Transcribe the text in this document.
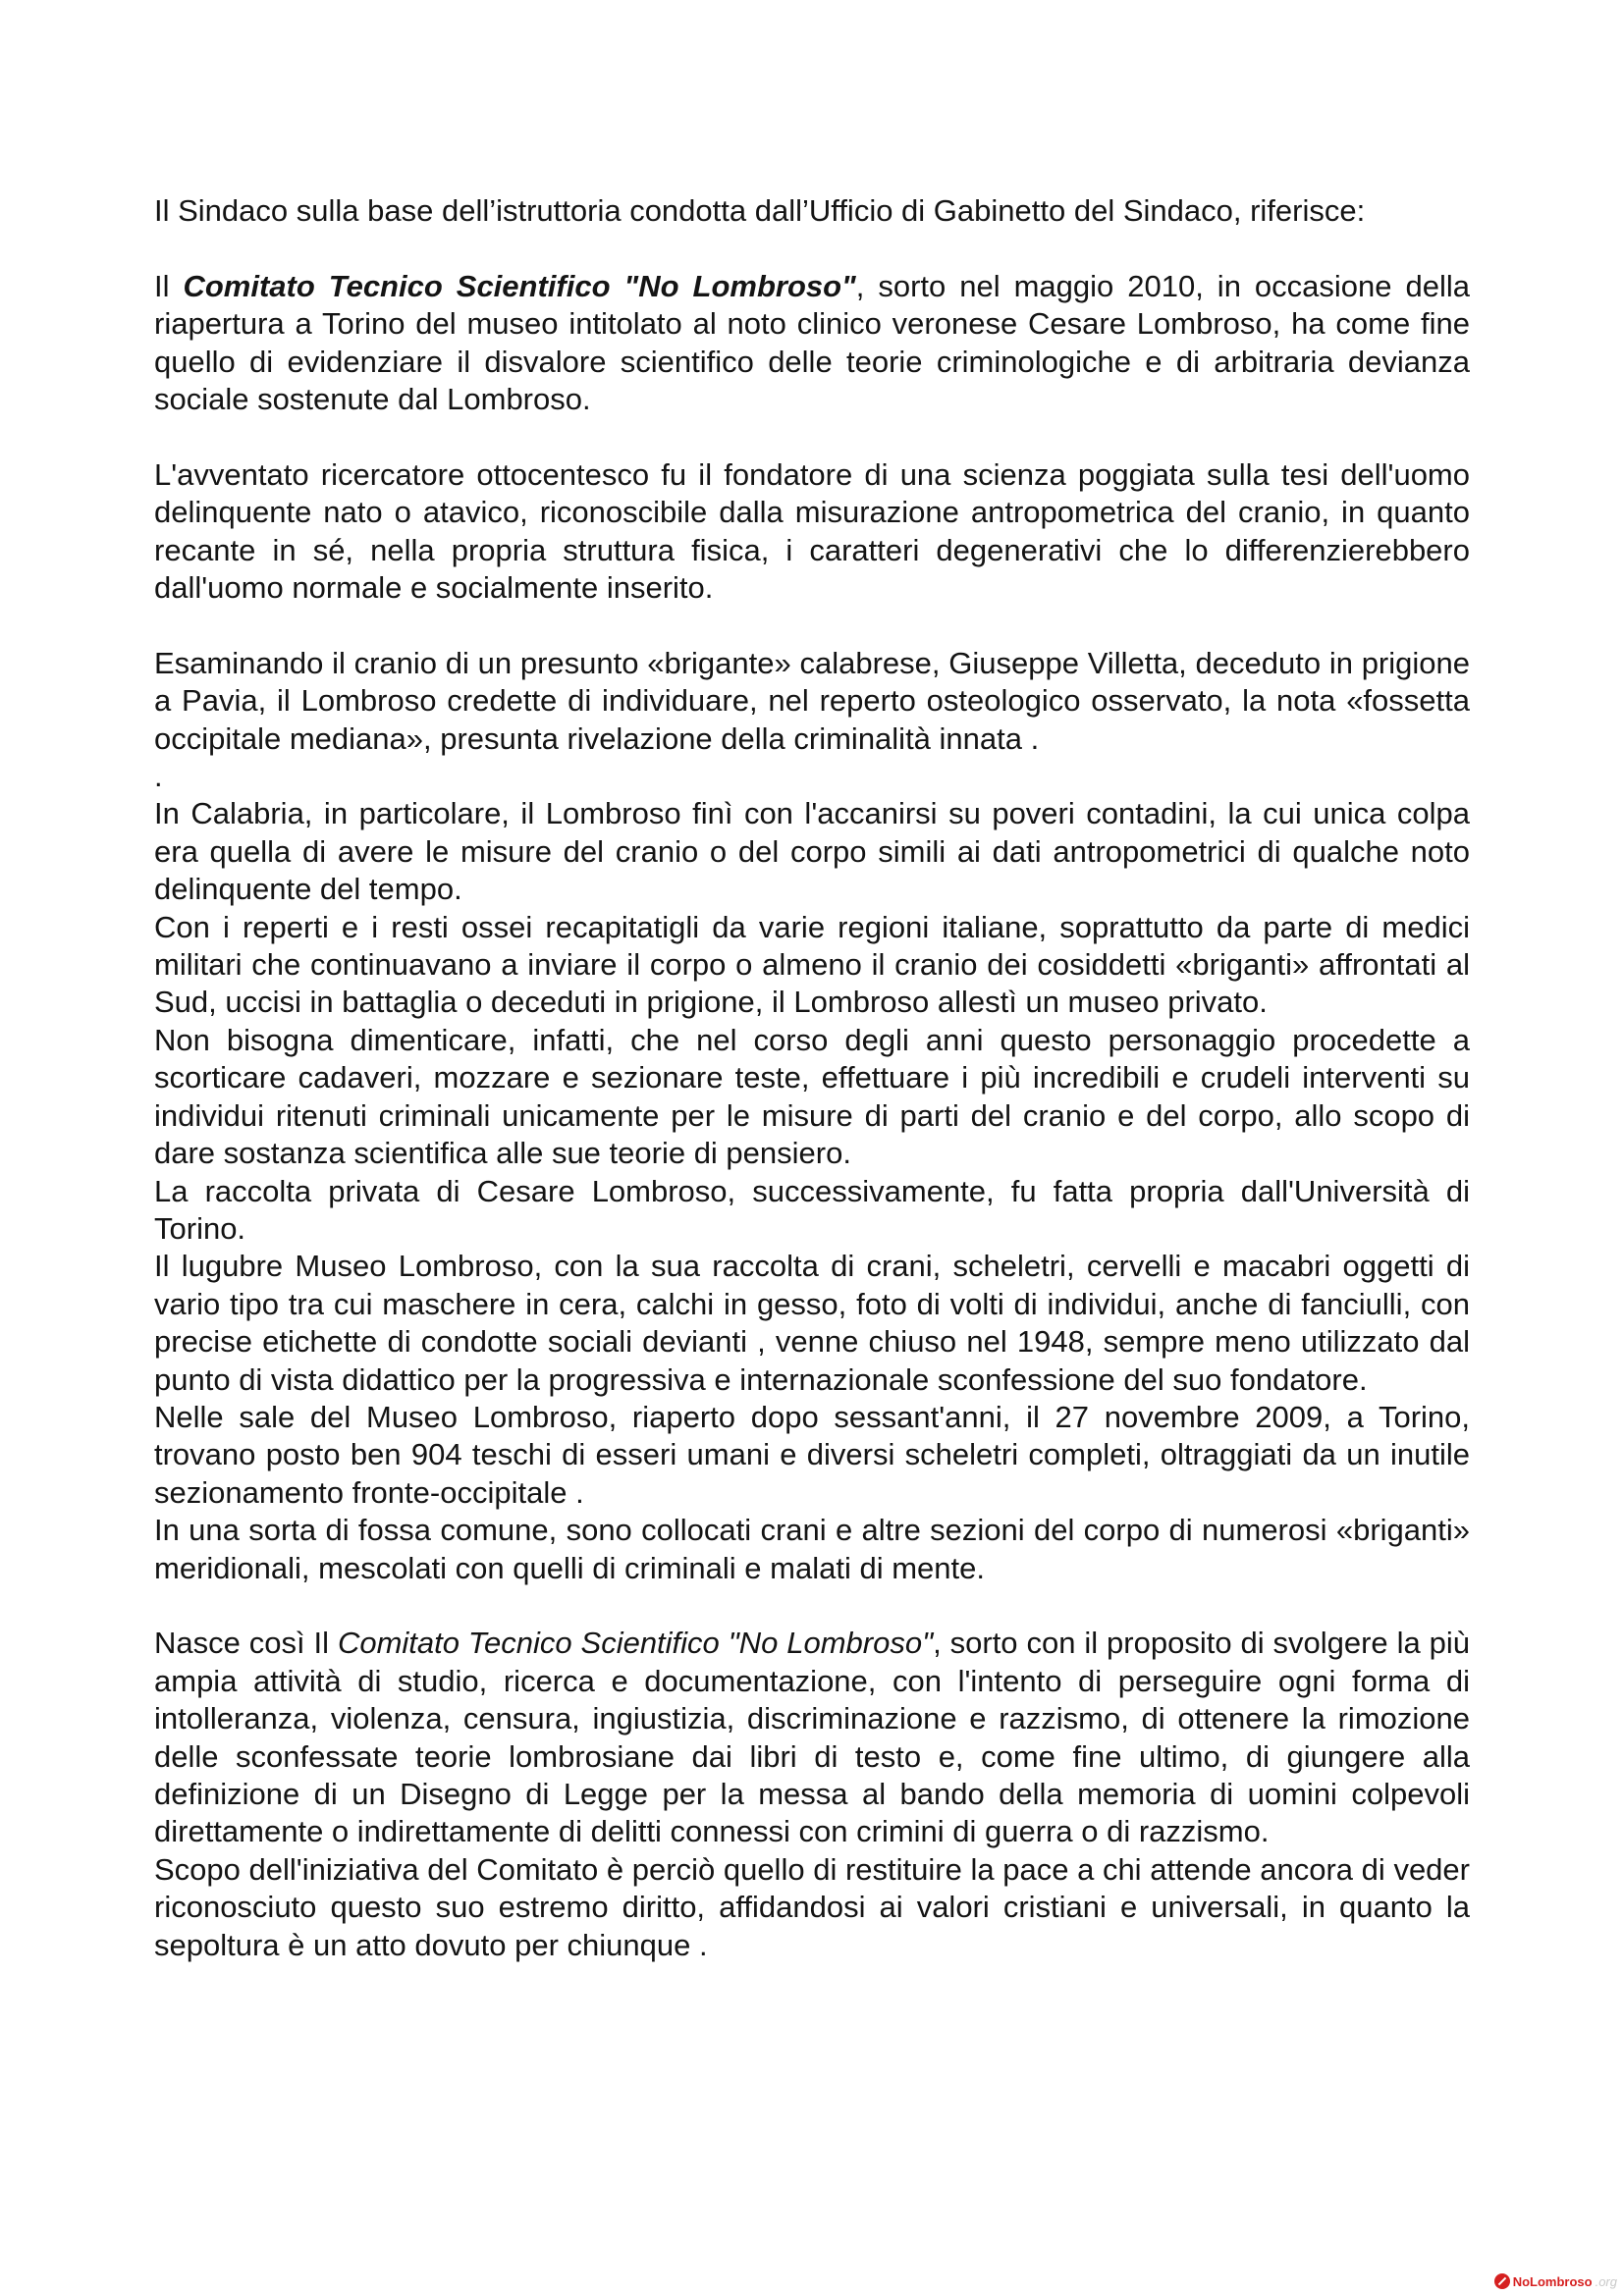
Il Sindaco sulla base dell’istruttoria condotta dall’Ufficio di Gabinetto del Sindaco, riferisce:

Il Comitato Tecnico Scientifico "No Lombroso", sorto nel maggio 2010, in occasione della riapertura a Torino del museo intitolato al noto clinico veronese Cesare Lombroso, ha come fine quello di evidenziare il disvalore scientifico delle teorie criminologiche e di arbitraria devianza sociale sostenute dal Lombroso.

L'avventato ricercatore ottocentesco fu il fondatore di una scienza poggiata sulla tesi dell'uomo delinquente nato o atavico, riconoscibile dalla misurazione antropometrica del cranio, in quanto recante in sé, nella propria struttura fisica, i caratteri degenerativi che lo differenzierebbero dall'uomo normale e socialmente inserito.

Esaminando il cranio di un presunto «brigante» calabrese, Giuseppe Villetta, deceduto in prigione a Pavia, il Lombroso credette di individuare, nel reperto osteologico osservato, la nota «fossetta occipitale mediana», presunta rivelazione della criminalità innata .

.

In Calabria, in particolare, il Lombroso finì con l'accanirsi su poveri contadini, la cui unica colpa era quella di avere le misure del cranio o del corpo simili ai dati antropometrici di qualche noto delinquente del tempo.

Con i reperti e i resti ossei recapitatigli da varie regioni italiane, soprattutto da parte di medici militari che continuavano a inviare il corpo o almeno il cranio dei cosiddetti «briganti» affrontati al Sud, uccisi in battaglia o deceduti in prigione, il Lombroso allestì un museo privato.

Non bisogna dimenticare, infatti, che nel corso degli anni questo personaggio procedette a scorticare cadaveri, mozzare e sezionare teste, effettuare i più incredibili e crudeli interventi su individui ritenuti criminali unicamente per le misure di parti del cranio e del corpo, allo scopo di dare sostanza scientifica alle sue teorie di pensiero.

La raccolta privata di Cesare Lombroso, successivamente, fu fatta propria dall'Università di Torino.

Il lugubre Museo Lombroso, con la sua raccolta di crani, scheletri, cervelli e macabri oggetti di vario tipo tra cui maschere in cera, calchi in gesso, foto di volti di individui, anche di fanciulli, con precise etichette di condotte sociali devianti , venne chiuso nel 1948, sempre meno utilizzato dal punto di vista didattico per la progressiva e internazionale sconfessione del suo fondatore.

Nelle sale del Museo Lombroso, riaperto dopo sessant'anni, il 27 novembre 2009, a Torino, trovano posto ben 904 teschi di esseri umani e diversi scheletri completi, oltraggiati da un inutile sezionamento fronte-occipitale .

In una sorta di fossa comune, sono collocati crani e altre sezioni del corpo di numerosi «briganti» meridionali, mescolati con quelli di criminali e malati di mente.

Nasce così Il Comitato Tecnico Scientifico "No Lombroso", sorto con il proposito di svolgere la più ampia attività di studio, ricerca e documentazione, con l'intento di perseguire ogni forma di intolleranza, violenza, censura, ingiustizia, discriminazione e razzismo, di ottenere la rimozione delle sconfessate teorie lombrosiane dai libri di testo e, come fine ultimo, di giungere alla definizione di un Disegno di Legge per la messa al bando della memoria di uomini colpevoli direttamente o indirettamente di delitti connessi con crimini di guerra o di razzismo.

Scopo dell'iniziativa del Comitato è perciò quello di restituire la pace a chi attende ancora di veder riconosciuto questo suo estremo diritto, affidandosi ai valori cristiani e universali, in quanto la sepoltura è un atto dovuto per chiunque .

NoLombroso .org
